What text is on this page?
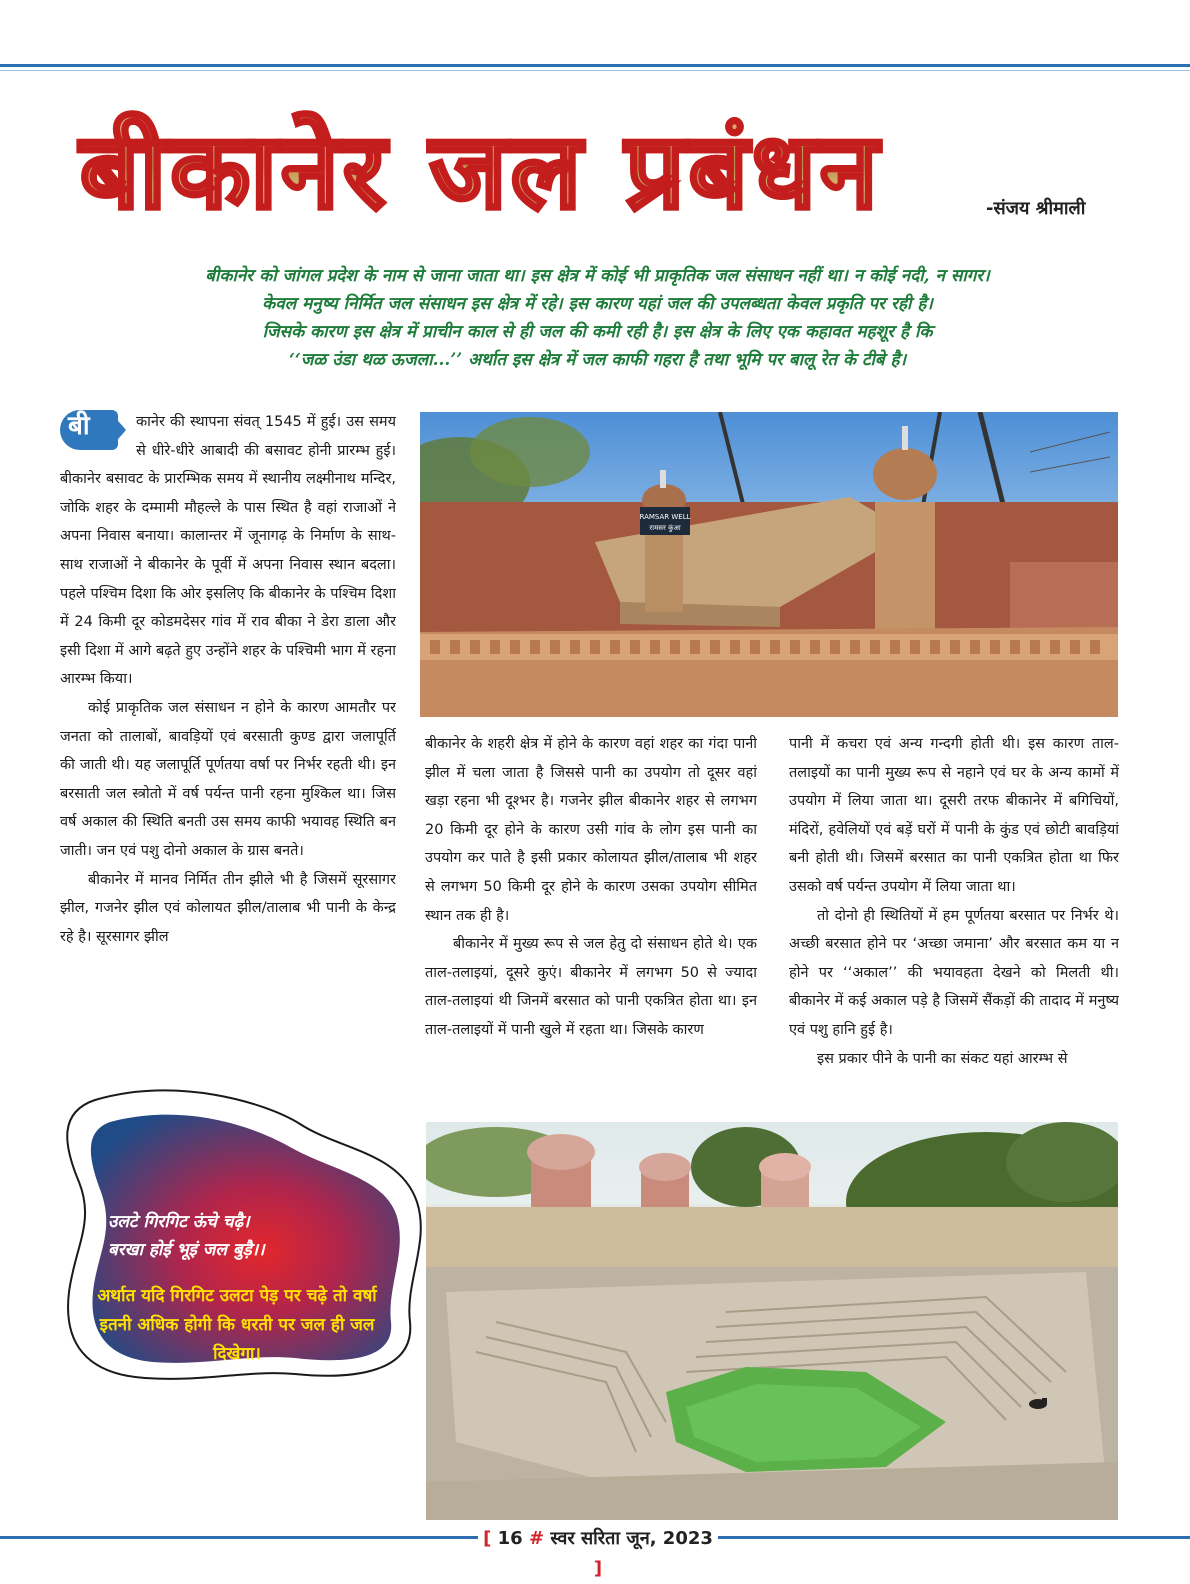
बीकानेर जल प्रबंधन	-संजय श्रीमाली
बीकानेर को जांगल प्रदेश के नाम से जाना जाता था। इस क्षेत्र में कोई भी प्राकृतिक जल संसाधन नहीं था। न कोई नदी, न सागर।
केवल मनुष्य निर्मित जल संसाधन इस क्षेत्र में रहे। इस कारण यहां जल की उपलब्धता केवल प्रकृति पर रही है।
जिसके कारण इस क्षेत्र में प्राचीन काल से ही जल की कमी रही है। इस क्षेत्र के लिए एक कहावत महशूर है कि
‘‘जळ उंडा थळ ऊजला...’’ अर्थात इस क्षेत्र में जल काफी गहरा है तथा भूमि पर बालू रेत के टीबे है।
बी	कानेर की स्थापना संवत् 1545 में हुई। उस समय से धीरे-धीरे आबादी की बसावट होनी प्रारम्भ हुई। बीकानेर बसावट के प्रारम्भिक समय में स्थानीय लक्ष्मीनाथ मन्दिर, जोकि शहर के दम्मामी मौहल्ले के पास स्थित है वहां राजाओं ने अपना निवास बनाया। कालान्तर में जूनागढ़ के निर्माण के साथ-साथ राजाओं ने बीकानेर के पूर्वी में अपना निवास स्थान बदला। पहले पश्चिम दिशा कि ओर इसलिए कि बीकानेर के पश्चिम दिशा में 24 किमी दूर कोडमदेसर गांव में राव बीका ने डेरा डाला और इसी दिशा में आगे बढ़ते हुए उन्होंने शहर के पश्चिमी भाग में रहना आरम्भ किया।

कोई प्राकृतिक जल संसाधन न होने के कारण आमतौर पर जनता को तालाबों, बावड़ियों एवं बरसाती कुण्ड द्वारा जलापूर्ति की जाती थी। यह जलापूर्ति पूर्णतया वर्षा पर निर्भर रहती थी। इन बरसाती जल स्त्रोतो में वर्ष पर्यन्त पानी रहना मुश्किल था। जिस वर्ष अकाल की स्थिति बनती उस समय काफी भयावह स्थिति बन जाती। जन एवं पशु दोनो अकाल के ग्रास बनते।

बीकानेर में मानव निर्मित तीन झीले भी है जिसमें सूरसागर झील, गजनेर झील एवं कोलायत झील/तालाब भी पानी के केन्द्र रहे है। सूरसागर झील

RAMSAR WELL
रामसर कुंआ

बीकानेर के शहरी क्षेत्र में होने के कारण वहां शहर का गंदा पानी झील में चला जाता है जिससे पानी का उपयोग तो दूसर वहां खड़ा रहना भी दूश्भर है। गजनेर झील बीकानेर शहर से लगभग 20 किमी दूर होने के कारण उसी गांव के लोग इस पानी का उपयोग कर पाते है इसी प्रकार कोलायत झील/तालाब भी शहर से लगभग 50 किमी दूर होने के कारण उसका उपयोग सीमित स्थान तक ही है।

बीकानेर में मुख्य रूप से जल हेतु दो संसाधन होते थे। एक ताल-तलाइयां, दूसरे कुएं। बीकानेर में लगभग 50 से ज्यादा ताल-तलाइयां थी जिनमें बरसात को पानी एकत्रित होता था। इन ताल-तलाइयों में पानी खुले में रहता था। जिसके कारण

पानी में कचरा एवं अन्य गन्दगी होती थी। इस कारण ताल-तलाइयों का पानी मुख्य रूप से नहाने एवं घर के अन्य कामों में उपयोग में लिया जाता था। दूसरी तरफ बीकानेर में बगिचियों, मंदिरों, हवेलियों एवं बड़ें घरों में पानी के कुंड एवं छोटी बावड़ियां बनी होती थी। जिसमें बरसात का पानी एकत्रित होता था फिर उसको वर्ष पर्यन्त उपयोग में लिया जाता था।

तो दोनो ही स्थितियों में हम पूर्णतया बरसात पर निर्भर थे। अच्छी बरसात होने पर ‘अच्छा जमाना’ और बरसात कम या न होने पर ‘‘अकाल’’ की भयावहता देखने को मिलती थी। बीकानेर में कई अकाल पड़े है जिसमें सैंकड़ों की तादाद में मनुष्य एवं पशु हानि हुई है।

इस प्रकार पीने के पानी का संकट यहां आरम्भ से

उलटे गिरगिट ऊंचे चढ़ै।
बरखा होई भूइं जल बुड़ै।।
अर्थात यदि गिरगिट उलटा पेड़ पर चढ़े तो वर्षा इतनी अधिक होगी कि धरती पर जल ही जल दिखेगा।
[ 16 # स्वर सरिता जून, 2023 ]
